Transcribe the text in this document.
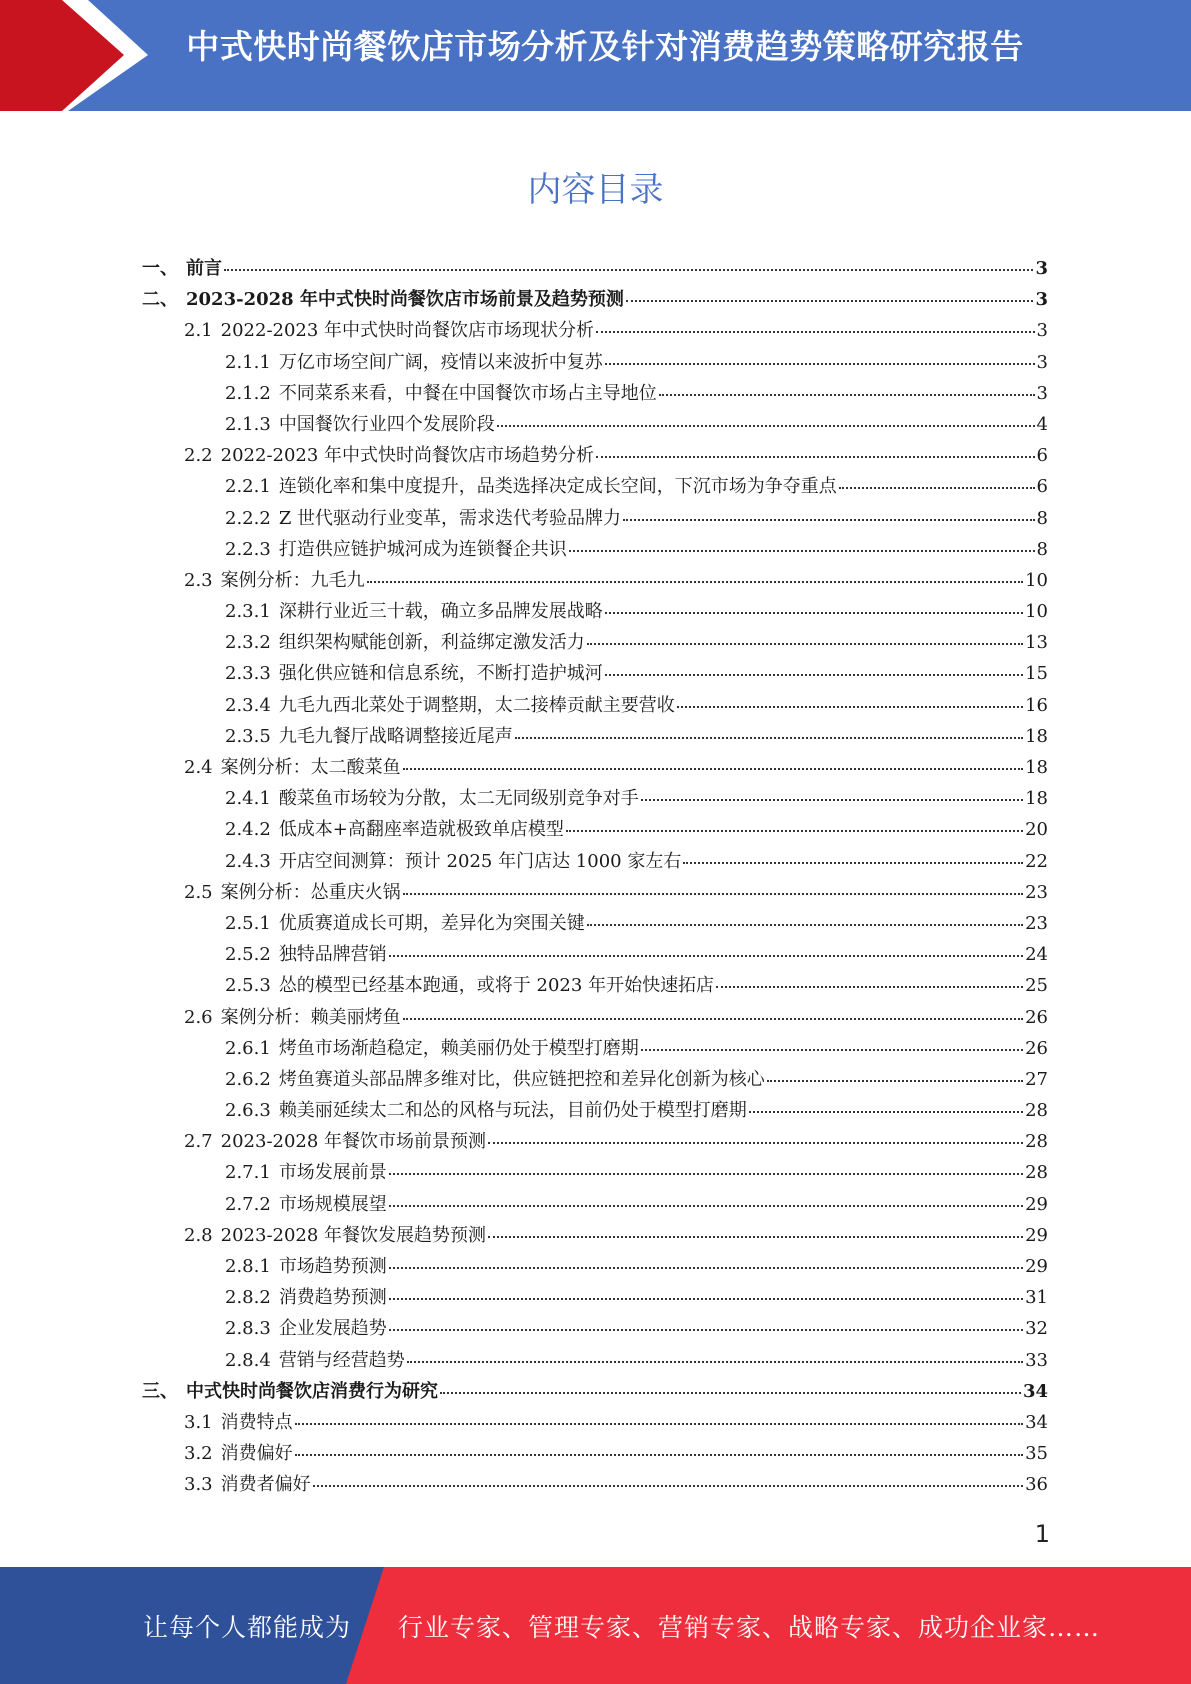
中式快时尚餐饮店市场分析及针对消费趋势策略研究报告
内容目录
一、 前言	3
二、 2023-2028 年中式快时尚餐饮店市场前景及趋势预测	3
2.1 2022-2023 年中式快时尚餐饮店市场现状分析	3
2.1.1 万亿市场空间广阔，疫情以来波折中复苏	3
2.1.2 不同菜系来看，中餐在中国餐饮市场占主导地位	3
2.1.3 中国餐饮行业四个发展阶段	4
2.2 2022-2023 年中式快时尚餐饮店市场趋势分析	6
2.2.1 连锁化率和集中度提升，品类选择决定成长空间，下沉市场为争夺重点	6
2.2.2 Z 世代驱动行业变革，需求迭代考验品牌力	8
2.2.3 打造供应链护城河成为连锁餐企共识	8
2.3 案例分析：九毛九	10
2.3.1 深耕行业近三十载，确立多品牌发展战略	10
2.3.2 组织架构赋能创新，利益绑定激发活力	13
2.3.3 强化供应链和信息系统，不断打造护城河	15
2.3.4 九毛九西北菜处于调整期，太二接棒贡献主要营收	16
2.3.5 九毛九餐厅战略调整接近尾声	18
2.4 案例分析：太二酸菜鱼	18
2.4.1 酸菜鱼市场较为分散，太二无同级别竞争对手	18
2.4.2 低成本+高翻座率造就极致单店模型	20
2.4.3 开店空间测算：预计 2025 年门店达 1000 家左右	22
2.5 案例分析：怂重庆火锅	23
2.5.1 优质赛道成长可期，差异化为突围关键	23
2.5.2 独特品牌营销	24
2.5.3 怂的模型已经基本跑通，或将于 2023 年开始快速拓店	25
2.6 案例分析：赖美丽烤鱼	26
2.6.1 烤鱼市场渐趋稳定，赖美丽仍处于模型打磨期	26
2.6.2 烤鱼赛道头部品牌多维对比，供应链把控和差异化创新为核心	27
2.6.3 赖美丽延续太二和怂的风格与玩法，目前仍处于模型打磨期	28
2.7 2023-2028 年餐饮市场前景预测	28
2.7.1 市场发展前景	28
2.7.2 市场规模展望	29
2.8 2023-2028 年餐饮发展趋势预测	29
2.8.1 市场趋势预测	29
2.8.2 消费趋势预测	31
2.8.3 企业发展趋势	32
2.8.4 营销与经营趋势	33
三、 中式快时尚餐饮店消费行为研究	34
3.1 消费特点	34
3.2 消费偏好	35
3.3 消费者偏好	36
1
让每个人都能成为 行业专家、管理专家、营销专家、战略专家、成功企业家……
